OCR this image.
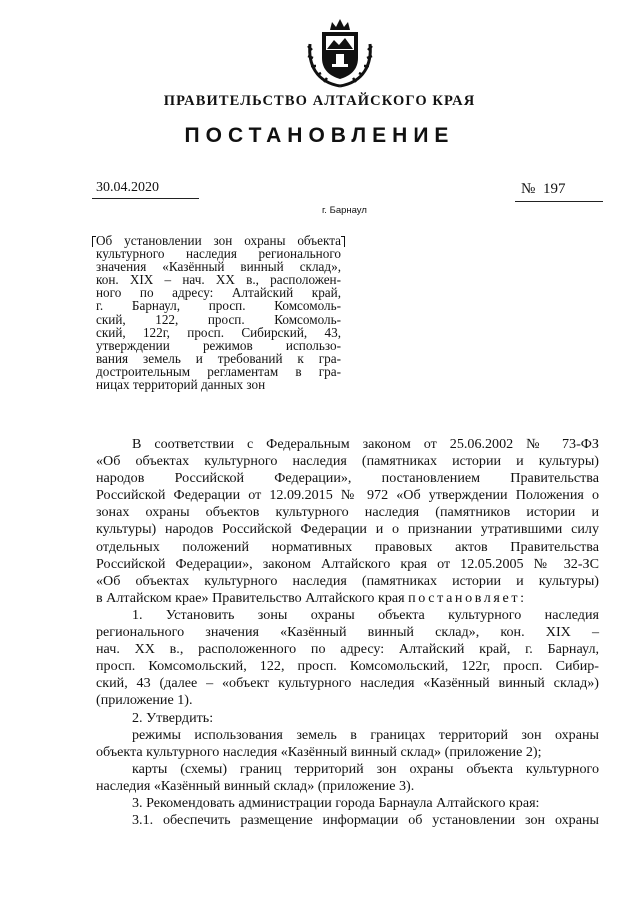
ПРАВИТЕЛЬСТВО АЛТАЙСКОГО КРАЯ
ПОСТАНОВЛЕНИЕ
30.04.2020	№ 197
г. Барнаул
Об установлении зон охраны объекта
культурного наследия регионального
значения «Казённый винный склад»,
кон. XIX – нач. XX в., расположен-
ного по адресу: Алтайский край,
г. Барнаул, просп. Комсомоль-
ский, 122, просп. Комсомоль-
ский, 122г, просп. Сибирский, 43,
утверждении режимов использо-
вания земель и требований к гра-
достроительным регламентам в гра-
ницах территорий данных зон
В соответствии с Федеральным законом от 25.06.2002 № 73-ФЗ
«Об объектах культурного наследия (памятниках истории и культуры)
народов Российской Федерации», постановлением Правительства
Российской Федерации от 12.09.2015 № 972 «Об утверждении Положения о
зонах охраны объектов культурного наследия (памятников истории и
культуры) народов Российской Федерации и о признании утратившими силу
отдельных положений нормативных правовых актов Правительства
Российской Федерации», законом Алтайского края от 12.05.2005 № 32-ЗС
«Об объектах культурного наследия (памятниках истории и культуры)
в Алтайском крае» Правительство Алтайского края постановляет:
1. Установить зоны охраны объекта культурного наследия
регионального значения «Казённый винный склад», кон. XIX –
нач. XX в., расположенного по адресу: Алтайский край, г. Барнаул,
просп. Комсомольский, 122, просп. Комсомольский, 122г, просп. Сибир-
ский, 43 (далее – «объект культурного наследия «Казённый винный склад»)
(приложение 1).
2. Утвердить:
режимы использования земель в границах территорий зон охраны
объекта культурного наследия «Казённый винный склад» (приложение 2);
карты (схемы) границ территорий зон охраны объекта культурного
наследия «Казённый винный склад» (приложение 3).
3. Рекомендовать администрации города Барнаула Алтайского края:
3.1. обеспечить размещение информации об установлении зон охраны
